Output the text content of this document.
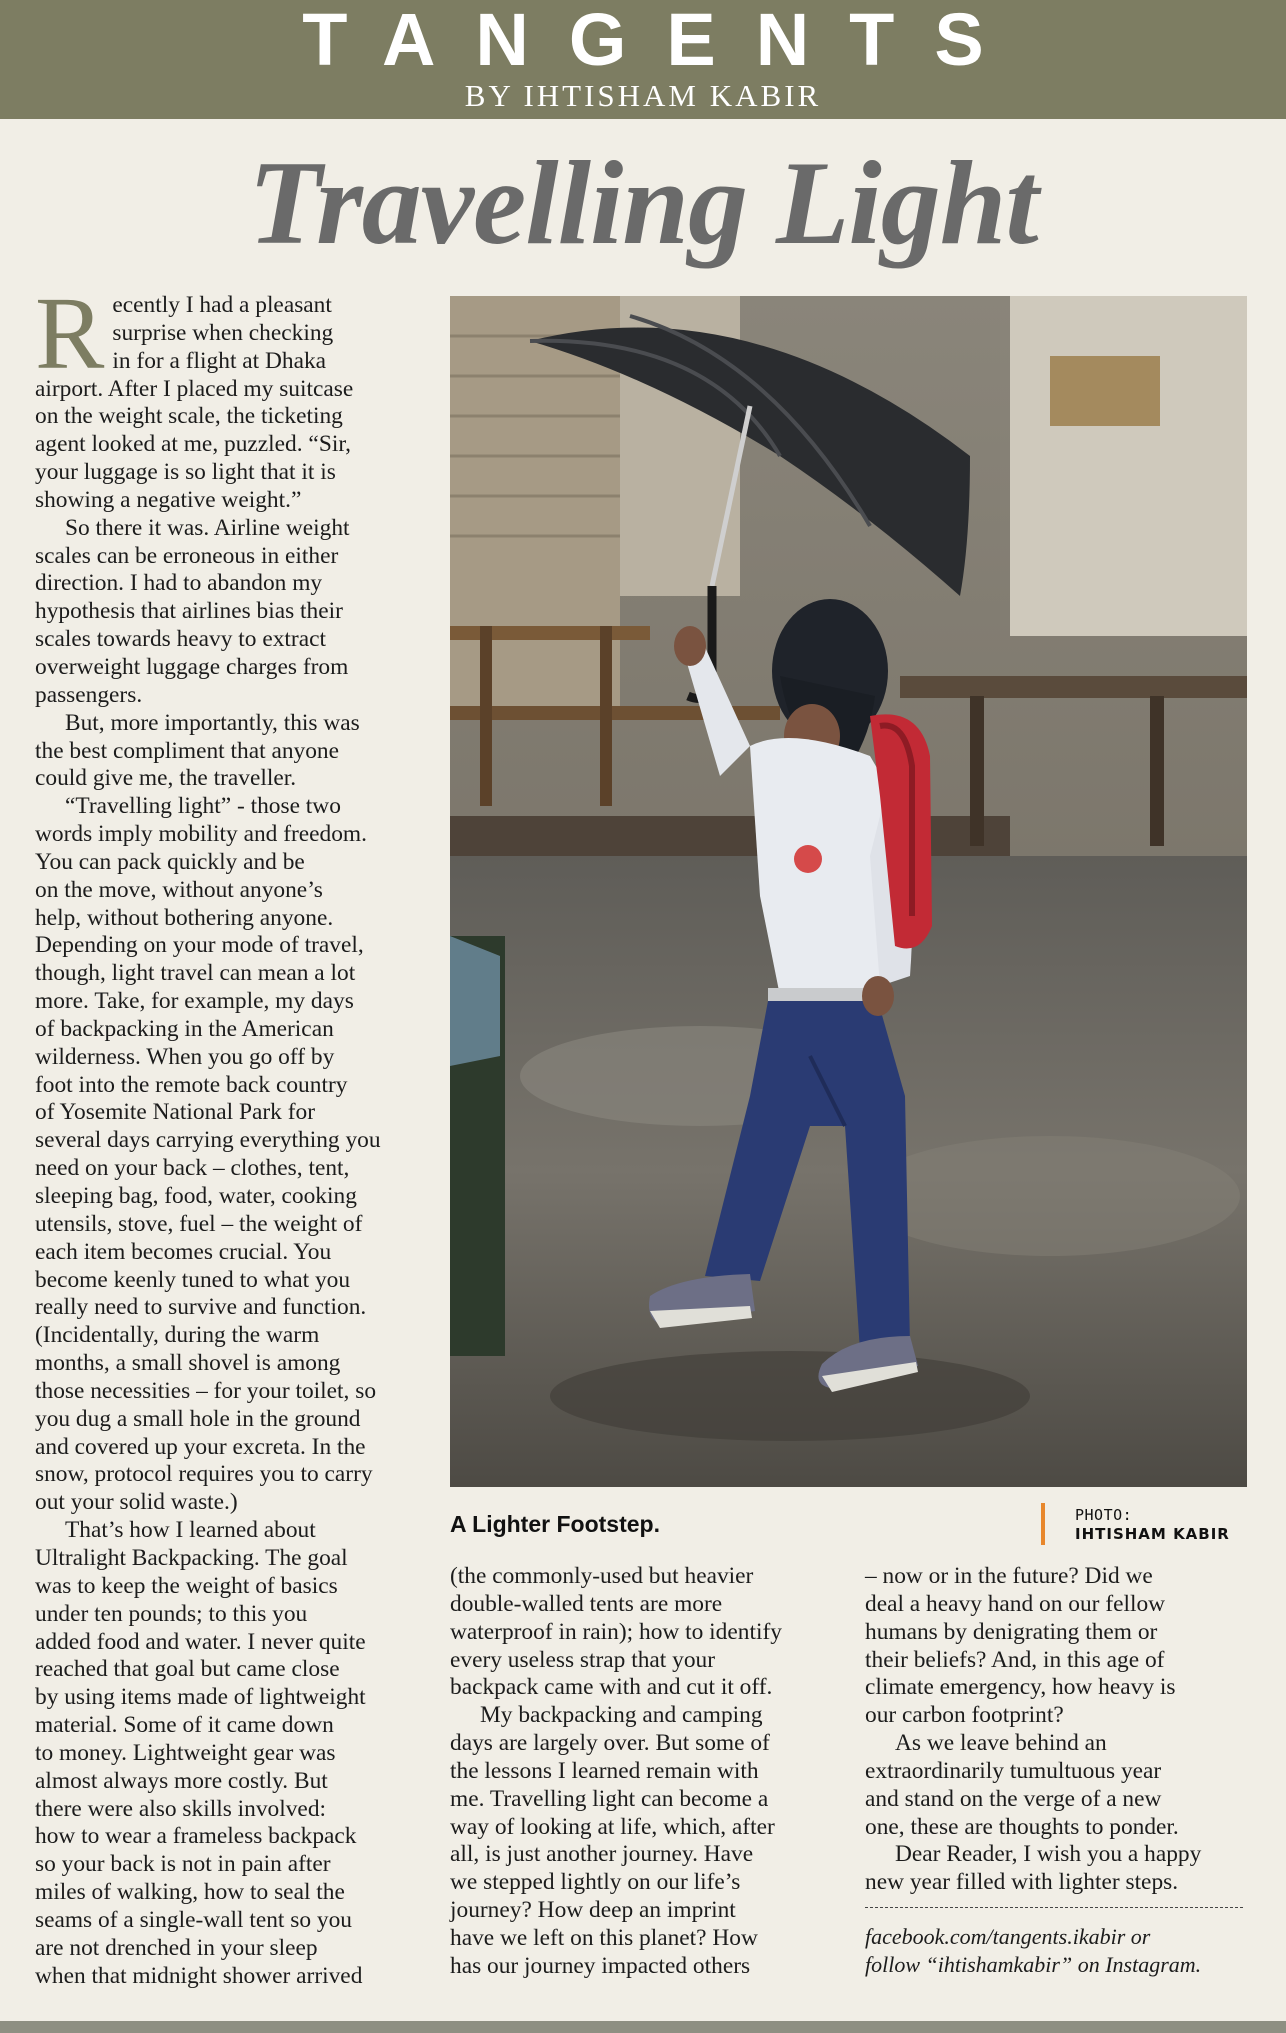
TANGENTS
BY IHTISHAM KABIR
Travelling Light
R ecently I had a pleasant

surprise when checking

in for a flight at Dhaka

airport. After I placed my suitcase

on the weight scale, the ticketing

agent looked at me, puzzled. “Sir,

your luggage is so light that it is

showing a negative weight.”

So there it was. Airline weight

scales can be erroneous in either

direction. I had to abandon my

hypothesis that airlines bias their

scales towards heavy to extract

overweight luggage charges from

passengers.

But, more importantly, this was

the best compliment that anyone

could give me, the traveller.

“Travelling light” - those two

words imply mobility and freedom.

You can pack quickly and be

on the move, without anyone’s

help, without bothering anyone.

Depending on your mode of travel,

though, light travel can mean a lot

more. Take, for example, my days

of backpacking in the American

wilderness. When you go off by

foot into the remote back country

of Yosemite National Park for

several days carrying everything you

need on your back – clothes, tent,

sleeping bag, food, water, cooking

utensils, stove, fuel – the weight of

each item becomes crucial. You

become keenly tuned to what you

really need to survive and function.

(Incidentally, during the warm

months, a small shovel is among

those necessities – for your toilet, so

you dug a small hole in the ground

and covered up your excreta. In the

snow, protocol requires you to carry

out your solid waste.)

That’s how I learned about

Ultralight Backpacking. The goal

was to keep the weight of basics

under ten pounds; to this you

added food and water. I never quite

reached that goal but came close

by using items made of lightweight

material. Some of it came down

to money. Lightweight gear was

almost always more costly. But

there were also skills involved:

how to wear a frameless backpack

so your back is not in pain after

miles of walking, how to seal the

seams of a single-wall tent so you

are not drenched in your sleep

when that midnight shower arrived

A Lighter Footstep.	PHOTO:
IHTISHAM KABIR

(the commonly-used but heavier

double-walled tents are more

waterproof in rain); how to identify

every useless strap that your

backpack came with and cut it off.

My backpacking and camping

days are largely over. But some of

the lessons I learned remain with

me. Travelling light can become a

way of looking at life, which, after

all, is just another journey. Have

we stepped lightly on our life’s

journey? How deep an imprint

have we left on this planet? How

has our journey impacted others

– now or in the future? Did we

deal a heavy hand on our fellow

humans by denigrating them or

their beliefs? And, in this age of

climate emergency, how heavy is

our carbon footprint?

As we leave behind an

extraordinarily tumultuous year

and stand on the verge of a new

one, these are thoughts to ponder.

Dear Reader, I wish you a happy

new year filled with lighter steps.

facebook.com/tangents.ikabir or
follow “ihtishamkabir” on Instagram.
